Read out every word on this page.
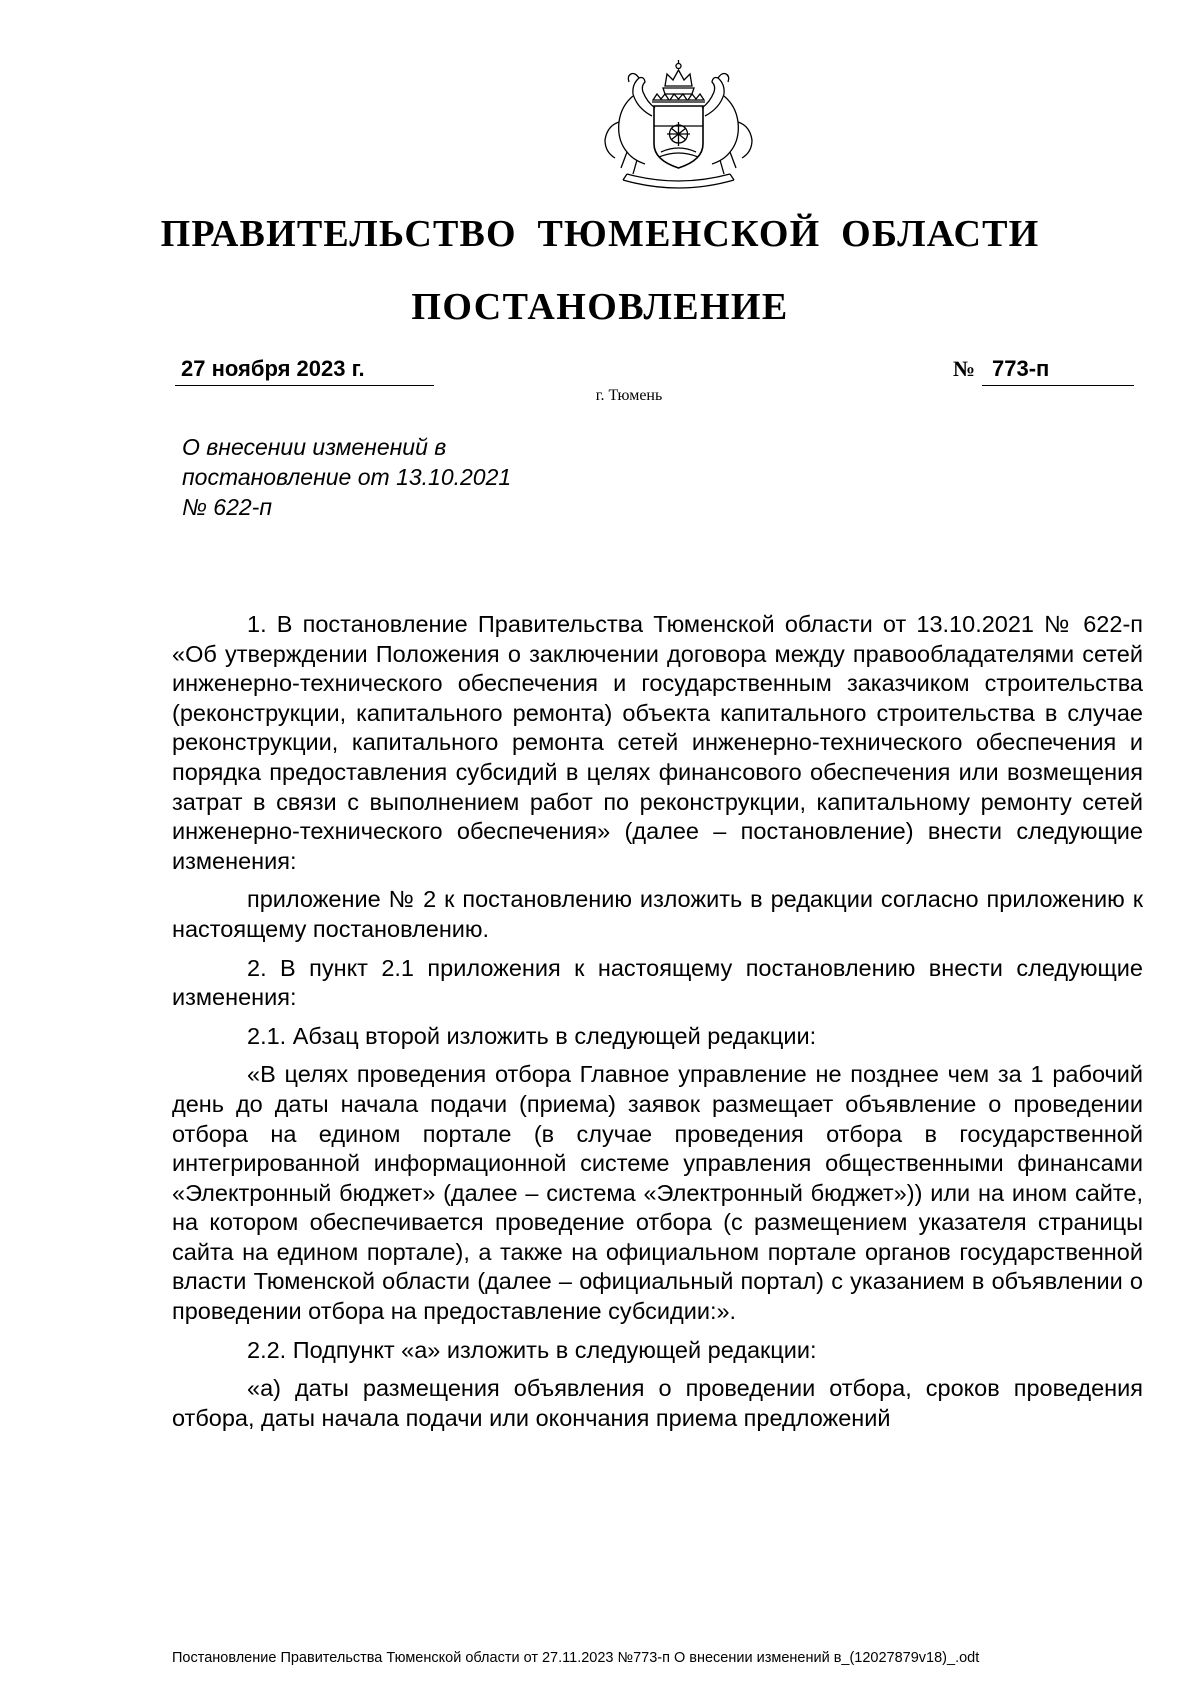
ПРАВИТЕЛЬСТВО ТЮМЕНСКОЙ ОБЛАСТИ
ПОСТАНОВЛЕНИЕ
27 ноября 2023 г.	№ 773-п
г. Тюмень

О внесении изменений в
постановление от 13.10.2021
№ 622-п

1. В постановление Правительства Тюменской области от 13.10.2021 № 622-п «Об утверждении Положения о заключении договора между правообладателями сетей инженерно-технического обеспечения и государственным заказчиком строительства (реконструкции, капитального ремонта) объекта капитального строительства в случае реконструкции, капитального ремонта сетей инженерно-технического обеспечения и порядка предоставления субсидий в целях финансового обеспечения или возмещения затрат в связи с выполнением работ по реконструкции, капитальному ремонту сетей инженерно-технического обеспечения» (далее – постановление) внести следующие изменения:

приложение № 2 к постановлению изложить в редакции согласно приложению к настоящему постановлению.

2. В пункт 2.1 приложения к настоящему постановлению внести следующие изменения:

2.1. Абзац второй изложить в следующей редакции:

«В целях проведения отбора Главное управление не позднее чем за 1 рабочий день до даты начала подачи (приема) заявок размещает объявление о проведении отбора на едином портале (в случае проведения отбора в государственной интегрированной информационной системе управления общественными финансами «Электронный бюджет» (далее – система «Электронный бюджет»)) или на ином сайте, на котором обеспечивается проведение отбора (с размещением указателя страницы сайта на едином портале), а также на официальном портале органов государственной власти Тюменской области (далее – официальный портал) с указанием в объявлении о проведении отбора на предоставление субсидии:».

2.2. Подпункт «а» изложить в следующей редакции:

«а) даты размещения объявления о проведении отбора, сроков проведения отбора, даты начала подачи или окончания приема предложений

Постановление Правительства Тюменской области от 27.11.2023 №773-п О внесении изменений в_(12027879v18)_.odt
